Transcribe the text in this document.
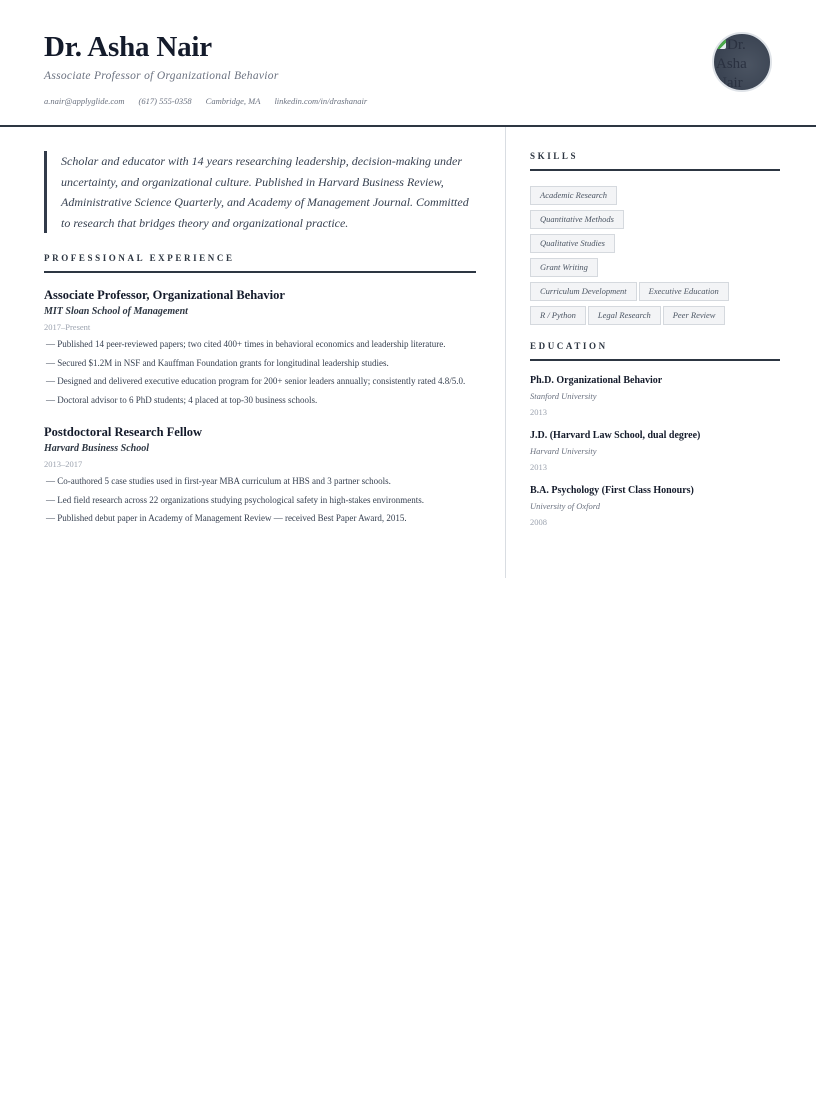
Dr. Asha Nair
Associate Professor of Organizational Behavior
a.nair@applyglide.com (617) 555-0358 Cambridge, MA linkedin.com/in/drashanair
Dr. Asha Nair
Scholar and educator with 14 years researching leadership, decision-making under uncertainty, and organizational culture. Published in Harvard Business Review, Administrative Science Quarterly, and Academy of Management Journal. Committed to research that bridges theory and organizational practice.
PROFESSIONAL EXPERIENCE
Associate Professor, Organizational Behavior
MIT Sloan School of Management
2017–Present
— Published 14 peer-reviewed papers; two cited 400+ times in behavioral economics and leadership literature.
— Secured $1.2M in NSF and Kauffman Foundation grants for longitudinal leadership studies.
— Designed and delivered executive education program for 200+ senior leaders annually; consistently rated 4.8/5.0.
— Doctoral advisor to 6 PhD students; 4 placed at top-30 business schools.
Postdoctoral Research Fellow
Harvard Business School
2013–2017
— Co-authored 5 case studies used in first-year MBA curriculum at HBS and 3 partner schools.
— Led field research across 22 organizations studying psychological safety in high-stakes environments.
— Published debut paper in Academy of Management Review — received Best Paper Award, 2015.
SKILLS
Academic Research
Quantitative Methods
Qualitative Studies
Grant Writing
Curriculum Development	Executive Education
R / Python	Legal Research	Peer Review
EDUCATION
Ph.D. Organizational Behavior
Stanford University
2013
J.D. (Harvard Law School, dual degree)
Harvard University
2013
B.A. Psychology (First Class Honours)
University of Oxford
2008
